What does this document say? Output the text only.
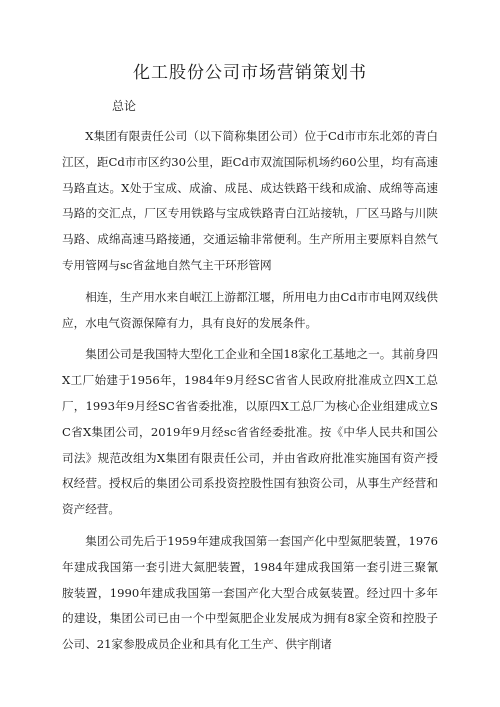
化工股份公司市场营销策划书
总论

X集团有限责任公司（以下简称集团公司）位于Cd市市东北郊的青白江区，距Cd市市区约30公里，距Cd市双流国际机场约60公里，均有高速马路直达。X处于宝成、成渝、成昆、成达铁路干线和成渝、成绵等高速马路的交汇点，厂区专用铁路与宝成铁路青白江站接轨，厂区马路与川陕马路、成绵高速马路接通，交通运输非常便利。生产所用主要原料自然气专用管网与sc省盆地自然气主干环形管网

相连，生产用水来自岷江上游都江堰，所用电力由Cd市市电网双线供应，水电气资源保障有力，具有良好的发展条件。

集团公司是我国特大型化工企业和全国18家化工基地之一。其前身四X工厂始建于1956年，1984年9月经SC省省人民政府批准成立四X工总厂，1993年9月经SC省省委批准，以原四X工总厂为核心企业组建成立SC省X集团公司，2019年9月经sc省省经委批准。按《中华人民共和国公司法》规范改组为X集团有限责任公司，并由省政府批准实施国有资产授权经营。授权后的集团公司系投资控股性国有独资公司，从事生产经营和资产经营。

集团公司先后于1959年建成我国第一套国产化中型氮肥装置，1976年建成我国第一套引进大氮肥装置，1984年建成我国第一套引进三聚氰胺装置，1990年建成我国第一套国产化大型合成氨装置。经过四十多年的建设，集团公司已由一个中型氮肥企业发展成为拥有8家全资和控股子公司、21家参股成员企业和具有化工生产、供宇削诸
